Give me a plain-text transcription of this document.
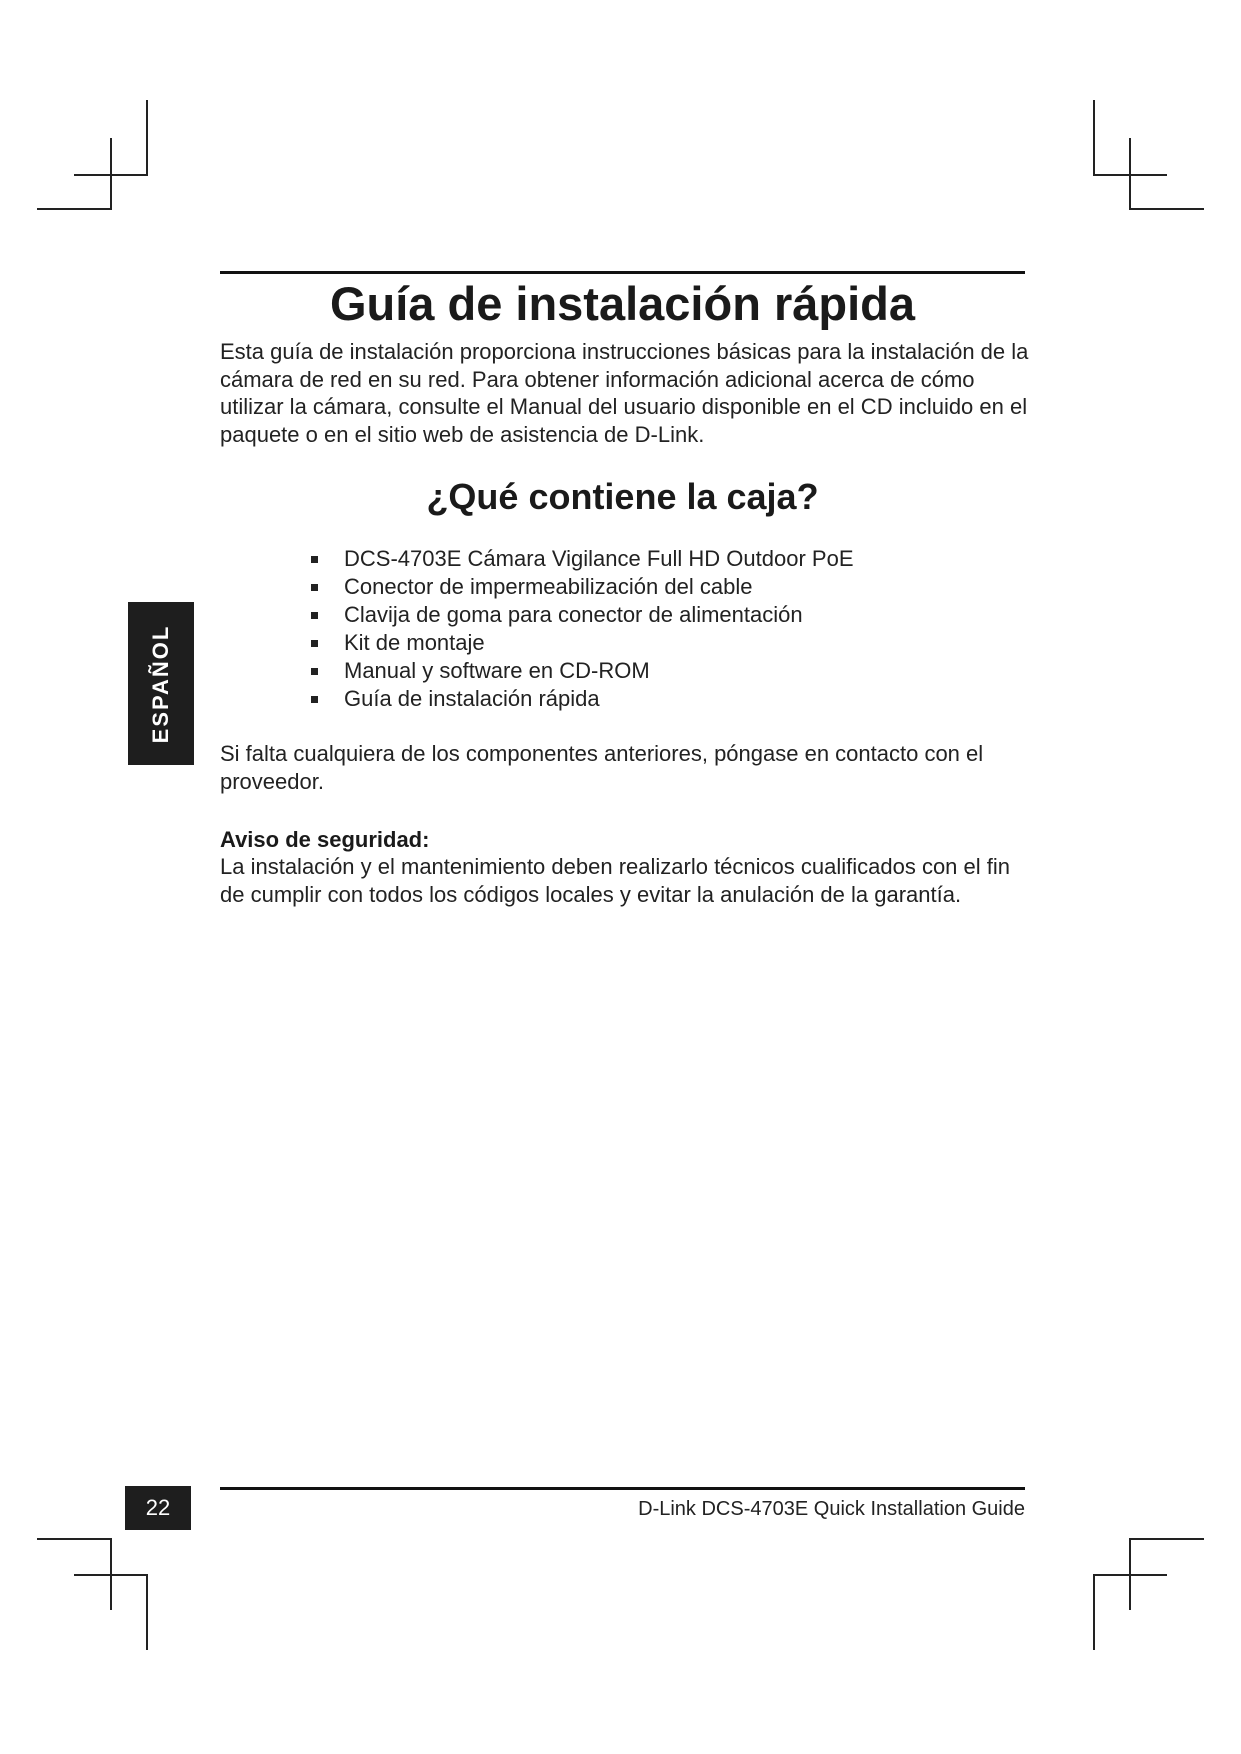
Guía de instalación rápida

Esta guía de instalación proporciona instrucciones básicas para la instalación de la cámara de red en su red. Para obtener información adicional acerca de cómo utilizar la cámara, consulte el Manual del usuario disponible en el CD incluido en el paquete o en el sitio web de asistencia de D-Link.

¿Qué contiene la caja?
DCS-4703E Cámara Vigilance Full HD Outdoor PoE
Conector de impermeabilización del cable
Clavija de goma para conector de alimentación
Kit de montaje
Manual y software en CD-ROM
Guía de instalación rápida

Si falta cualquiera de los componentes anteriores, póngase en contacto con el proveedor.

Aviso de seguridad:

La instalación y el mantenimiento deben realizarlo técnicos cualificados con el fin de cumplir con todos los códigos locales y evitar la anulación de la garantía.

ESPAÑOL
22	D-Link DCS-4703E Quick Installation Guide
